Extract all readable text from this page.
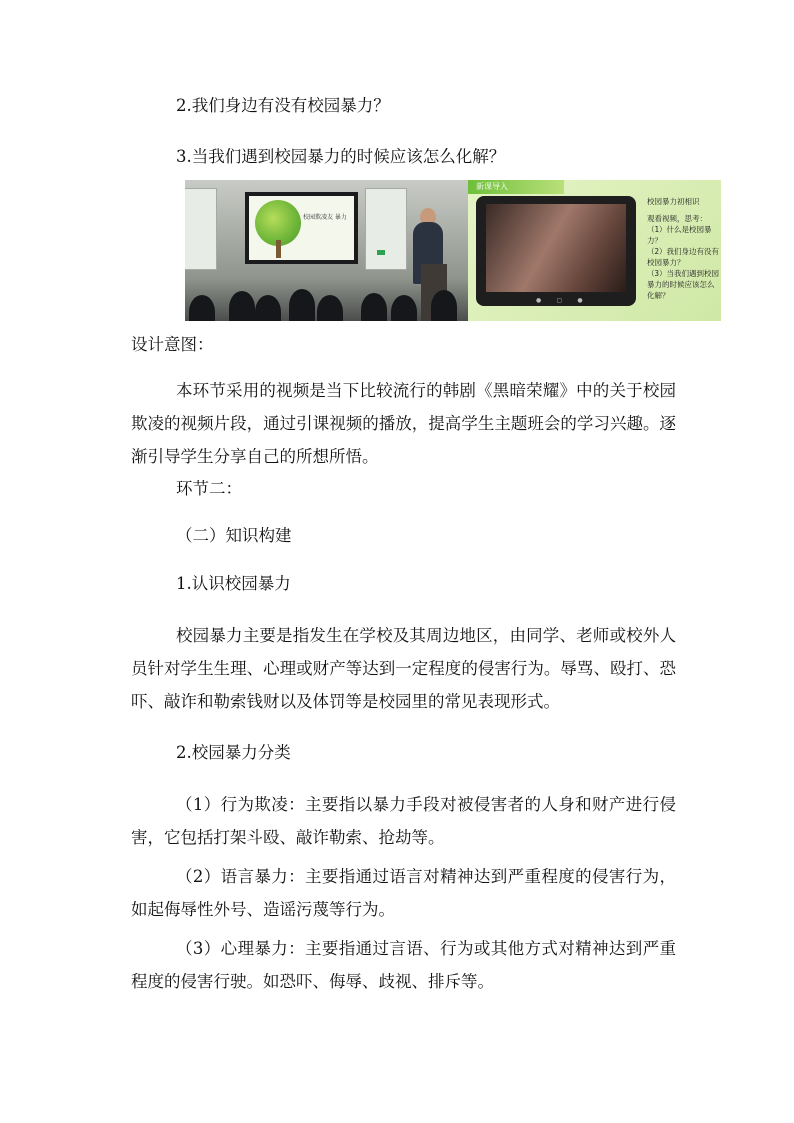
2.我们身边有没有校园暴力？
3.当我们遇到校园暴力的时候应该怎么化解？
校园欺凌友 暴力
新课导入
●        ▢        ●
校园暴力初相识
观看视频，思考：
（1）什么是校园暴力？
（2）我们身边有没有校园暴力？
（3）当我们遇到校园暴力的时候应该怎么化解？
设计意图：
本环节采用的视频是当下比较流行的韩剧《黑暗荣耀》中的关于校园欺凌的视频片段，通过引课视频的播放，提高学生主题班会的学习兴趣。逐渐引导学生分享自己的所想所悟。
环节二：
（二）知识构建
1.认识校园暴力
校园暴力主要是指发生在学校及其周边地区，由同学、老师或校外人员针对学生生理、心理或财产等达到一定程度的侵害行为。辱骂、殴打、恐吓、敲诈和勒索钱财以及体罚等是校园里的常见表现形式。
2.校园暴力分类
（1）行为欺凌：主要指以暴力手段对被侵害者的人身和财产进行侵害，它包括打架斗殴、敲诈勒索、抢劫等。
（2）语言暴力：主要指通过语言对精神达到严重程度的侵害行为，如起侮辱性外号、造谣污蔑等行为。
（3）心理暴力：主要指通过言语、行为或其他方式对精神达到严重程度的侵害行驶。如恐吓、侮辱、歧视、排斥等。
